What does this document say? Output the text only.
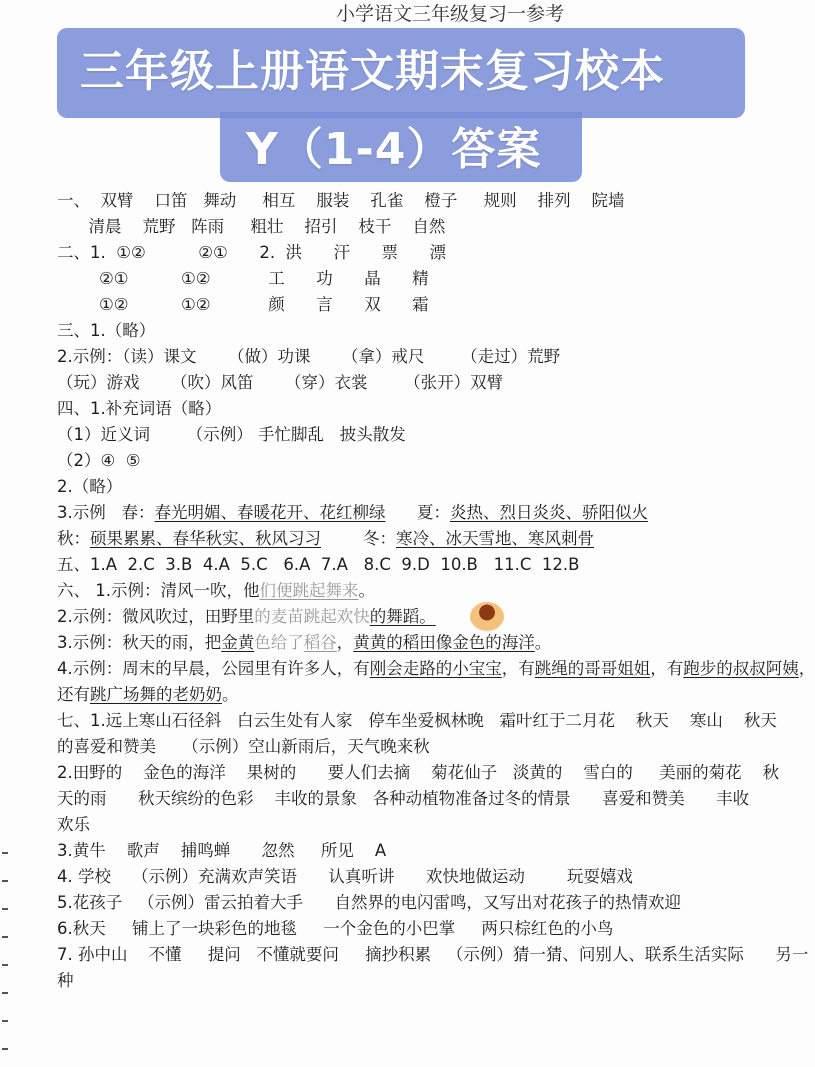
小学语文三年级复习一参考
一、  双臂    口笛   舞动     相互    服装    孔雀    橙子     规则    排列    院墙
清晨    荒野   阵雨     粗壮    招引    枝干    自然
二、1.  ①②          ②①      2.  洪      汗      票      漂
②①          ①②           工      功      晶      精
①②          ①②           颜      言      双      霜
三、1.（略）
2.示例：（读）课文      （做）功课      （拿）戒尺       （走过）荒野
（玩）游戏      （吹）风笛      （穿）衣裳       （张开）双臂
四、1.补充词语（略）
（1）近义词       （示例） 手忙脚乱   披头散发
（2）④  ⑤
2.（略）
3.示例   春：春光明媚、春暖花开、花红柳绿      夏：炎热、烈日炎炎、骄阳似火
秋：硕果累累、春华秋实、秋风习习        冬：寒冷、冰天雪地、寒风刺骨
五、1.A  2.C  3.B  4.A  5.C   6.A  7.A   8.C  9.D  10.B   11.C  12.B
六、 1.示例：清风一吹，他们便跳起舞来。
2.示例：微风吹过，田野里的麦苗跳起欢快的舞蹈。
3.示例：秋天的雨，把金黄色给了稻谷，黄黄的稻田像金色的海洋。
4.示例：周末的早晨，公园里有许多人，有刚会走路的小宝宝，有跳绳的哥哥姐姐，有跑步的叔叔阿姨，
还有跳广场舞的老奶奶。
七、1.远上寒山石径斜   白云生处有人家   停车坐爱枫林晚   霜叶红于二月花    秋天    寒山    秋天
的喜爱和赞美     （示例）空山新雨后，天气晚来秋
2.田野的    金色的海洋    果树的      要人们去摘    菊花仙子   淡黄的    雪白的     美丽的菊花    秋
天的雨      秋天缤纷的色彩    丰收的景象   各种动植物准备过冬的情景      喜爱和赞美      丰收
欢乐
3.黄牛    歌声    捕鸣蝉      忽然     所见    A
4. 学校    （示例）充满欢声笑语      认真听讲      欢快地做运动        玩耍嬉戏
5.花孩子   （示例）雷云拍着大手      自然界的电闪雷鸣，又写出对花孩子的热情欢迎
6.秋天     铺上了一块彩色的地毯     一个金色的小巴掌     两只棕红色的小鸟
7. 孙中山    不懂     提问   不懂就要问     摘抄积累   （示例）猜一猜、问别人、联系生活实际      另一
种
三年级上册语文期末复习校本
Y（1-4）答案
